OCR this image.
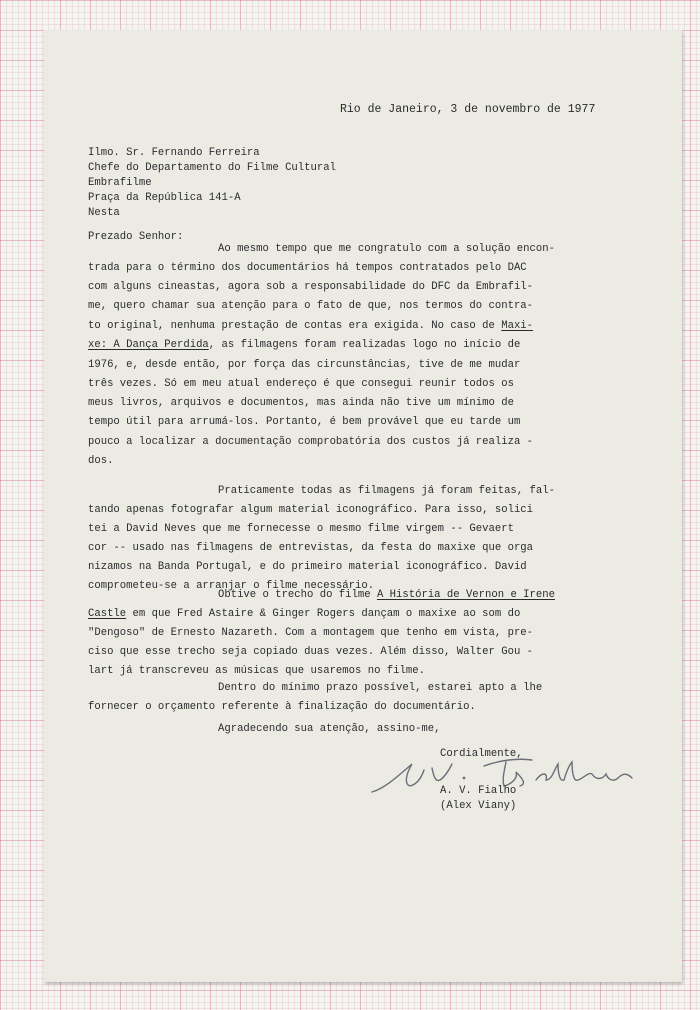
Rio de Janeiro, 3 de novembro de 1977
Ilmo. Sr. Fernando Ferreira
Chefe do Departamento do Filme Cultural
Embrafilme
Praça da República 141-A
Nesta
Prezado Senhor:
Ao mesmo tempo que me congratulo com a solução encon-
trada para o término dos documentários há tempos contratados pelo DAC
com alguns cineastas, agora sob a responsabilidade do DFC da Embrafil-
me, quero chamar sua atenção para o fato de que, nos termos do contra-
to original, nenhuma prestação de contas era exigida. No caso de Maxi-
xe: A Dança Perdida, as filmagens foram realizadas logo no início de
1976, e, desde então, por força das circunstâncias, tive de me mudar
três vezes. Só em meu atual endereço é que consegui reunir todos os
meus livros, arquivos e documentos, mas ainda não tive um mínimo de
tempo útil para arrumá-los. Portanto, é bem provável que eu tarde um
pouco a localizar a documentação comprobatória dos custos já realiza -
dos.
Praticamente todas as filmagens já foram feitas, fal-
tando apenas fotografar algum material iconográfico. Para isso, solici
tei a David Neves que me fornecesse o mesmo filme virgem -- Gevaert
cor -- usado nas filmagens de entrevistas, da festa do maxixe que orga
nizamos na Banda Portugal, e do primeiro material iconográfico. David
comprometeu-se a arranjar o filme necessário.
Obtive o trecho do filme A História de Vernon e Irene
Castle em que Fred Astaire & Ginger Rogers dançam o maxixe ao som do
"Dengoso" de Ernesto Nazareth. Com a montagem que tenho em vista, pre-
ciso que esse trecho seja copiado duas vezes. Além disso, Walter Gou -
lart já transcreveu as músicas que usaremos no filme.
Dentro do mínimo prazo possível, estarei apto a lhe
fornecer o orçamento referente à finalização do documentário.
Agradecendo sua atenção, assino-me,
Cordialmente,
A. V. Fialho
A. V. Fialho
(Alex Viany)
